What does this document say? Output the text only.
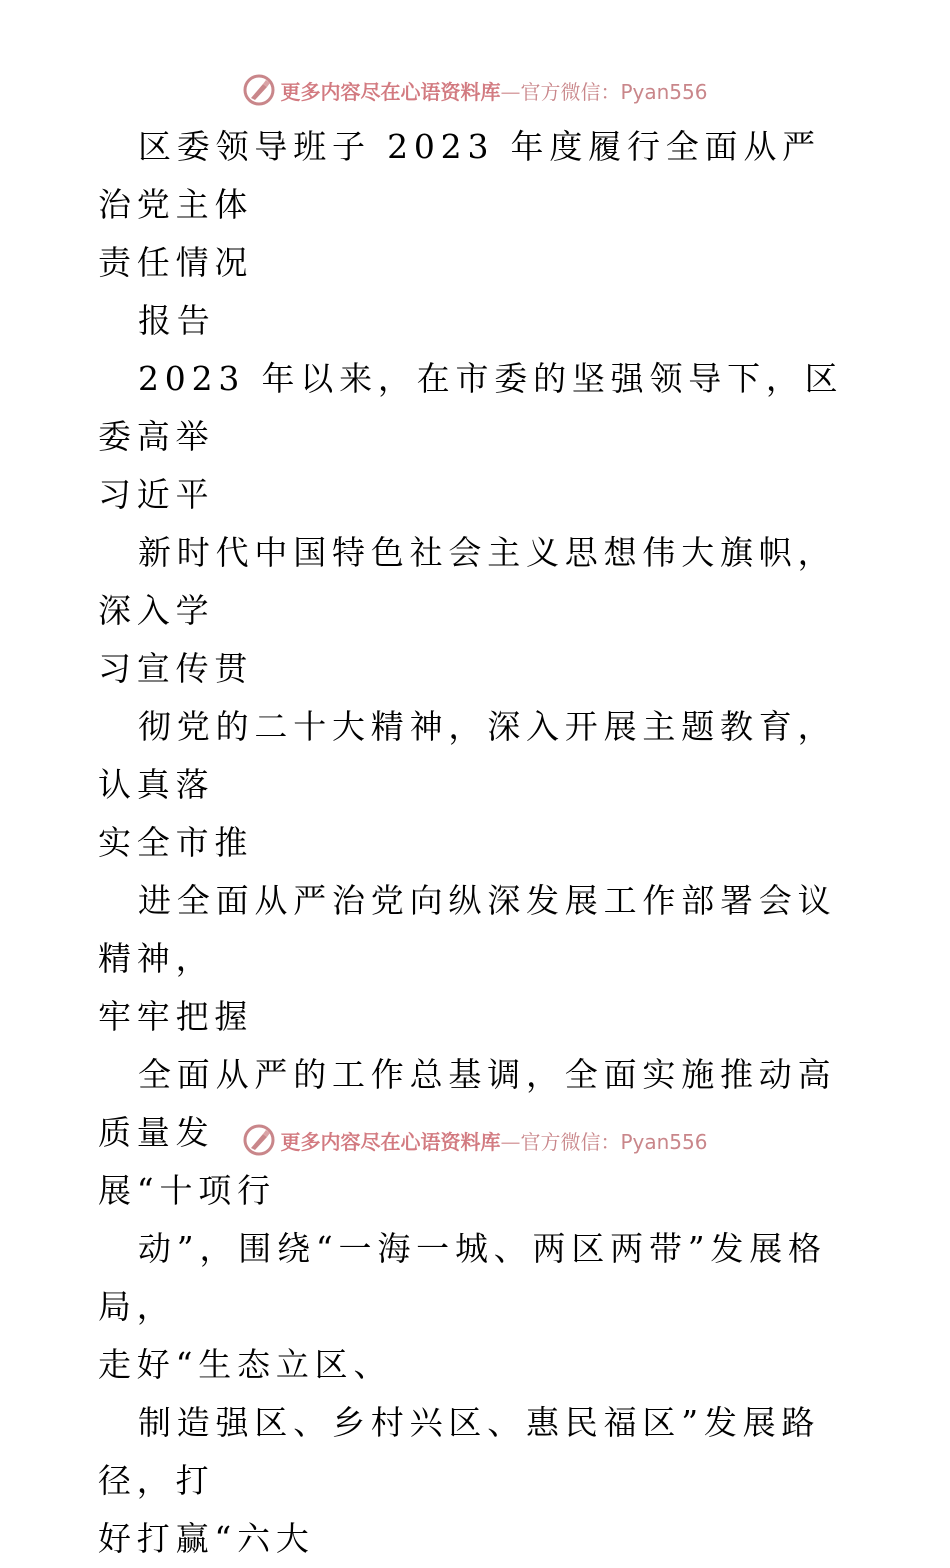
更多内容尽在心语资料库—官方微信：Pyan556

区委领导班子 2023 年度履行全面从严治党主体
责任情况

报告

2023 年以来，在市委的坚强领导下，区委高举
习近平

新时代中国特色社会主义思想伟大旗帜，深入学
习宣传贯

彻党的二十大精神，深入开展主题教育，认真落
实全市推

进全面从严治党向纵深发展工作部署会议精神，
牢牢把握

全面从严的工作总基调，全面实施推动高质量发
展“十项行

动”，围绕“一海一城、两区两带”发展格局，
走好“生态立区、

制造强区、乡村兴区、惠民福区”发展路径，打
好打赢“六大

更多内容尽在心语资料库—官方微信：Pyan556
